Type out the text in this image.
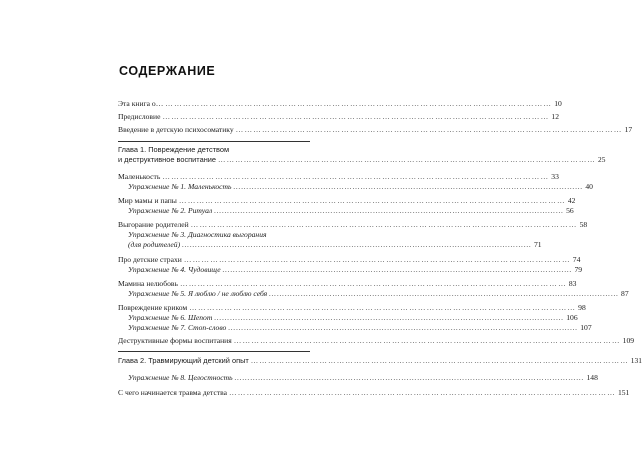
СОДЕРЖАНИЕ
Эта книга о… …………………………………………………………………………………………………………………… 10
Предисловие …………………………………………………………………………………………………………………… 12
Введение в детскую психосоматику …………………………………………………………………………………………………………………… 17
Глава 1. Повреждение детством
и деструктивное воспитание …………………………………………………………………………………………………………………… 25
Маленькость …………………………………………………………………………………………………………………… 33
Упражнение № 1. Маленькость …………………………………………………………………………………………………………………… 40
Мир мамы и папы …………………………………………………………………………………………………………………… 42
Упражнение № 2. Ритуал …………………………………………………………………………………………………………………… 56
Выгорание родителей …………………………………………………………………………………………………………………… 58
Упражнение № 3. Диагностика выгорания
(для родителей) …………………………………………………………………………………………………………………… 71
Про детские страхи …………………………………………………………………………………………………………………… 74
Упражнение № 4. Чудовище …………………………………………………………………………………………………………………… 79
Мамина нелюбовь …………………………………………………………………………………………………………………… 83
Упражнение № 5. Я люблю / не люблю себя …………………………………………………………………………………………………………………… 87
Повреждение криком …………………………………………………………………………………………………………………… 98
Упражнение № 6. Шепот …………………………………………………………………………………………………………………… 106
Упражнение № 7. Стоп-слово …………………………………………………………………………………………………………………… 107
Деструктивные формы воспитания …………………………………………………………………………………………………………………… 109
Глава 2. Травмирующий детский опыт …………………………………………………………………………………………………………………… 131
Упражнение № 8. Целостность …………………………………………………………………………………………………………………… 148
С чего начинается травма детства …………………………………………………………………………………………………………………… 151
